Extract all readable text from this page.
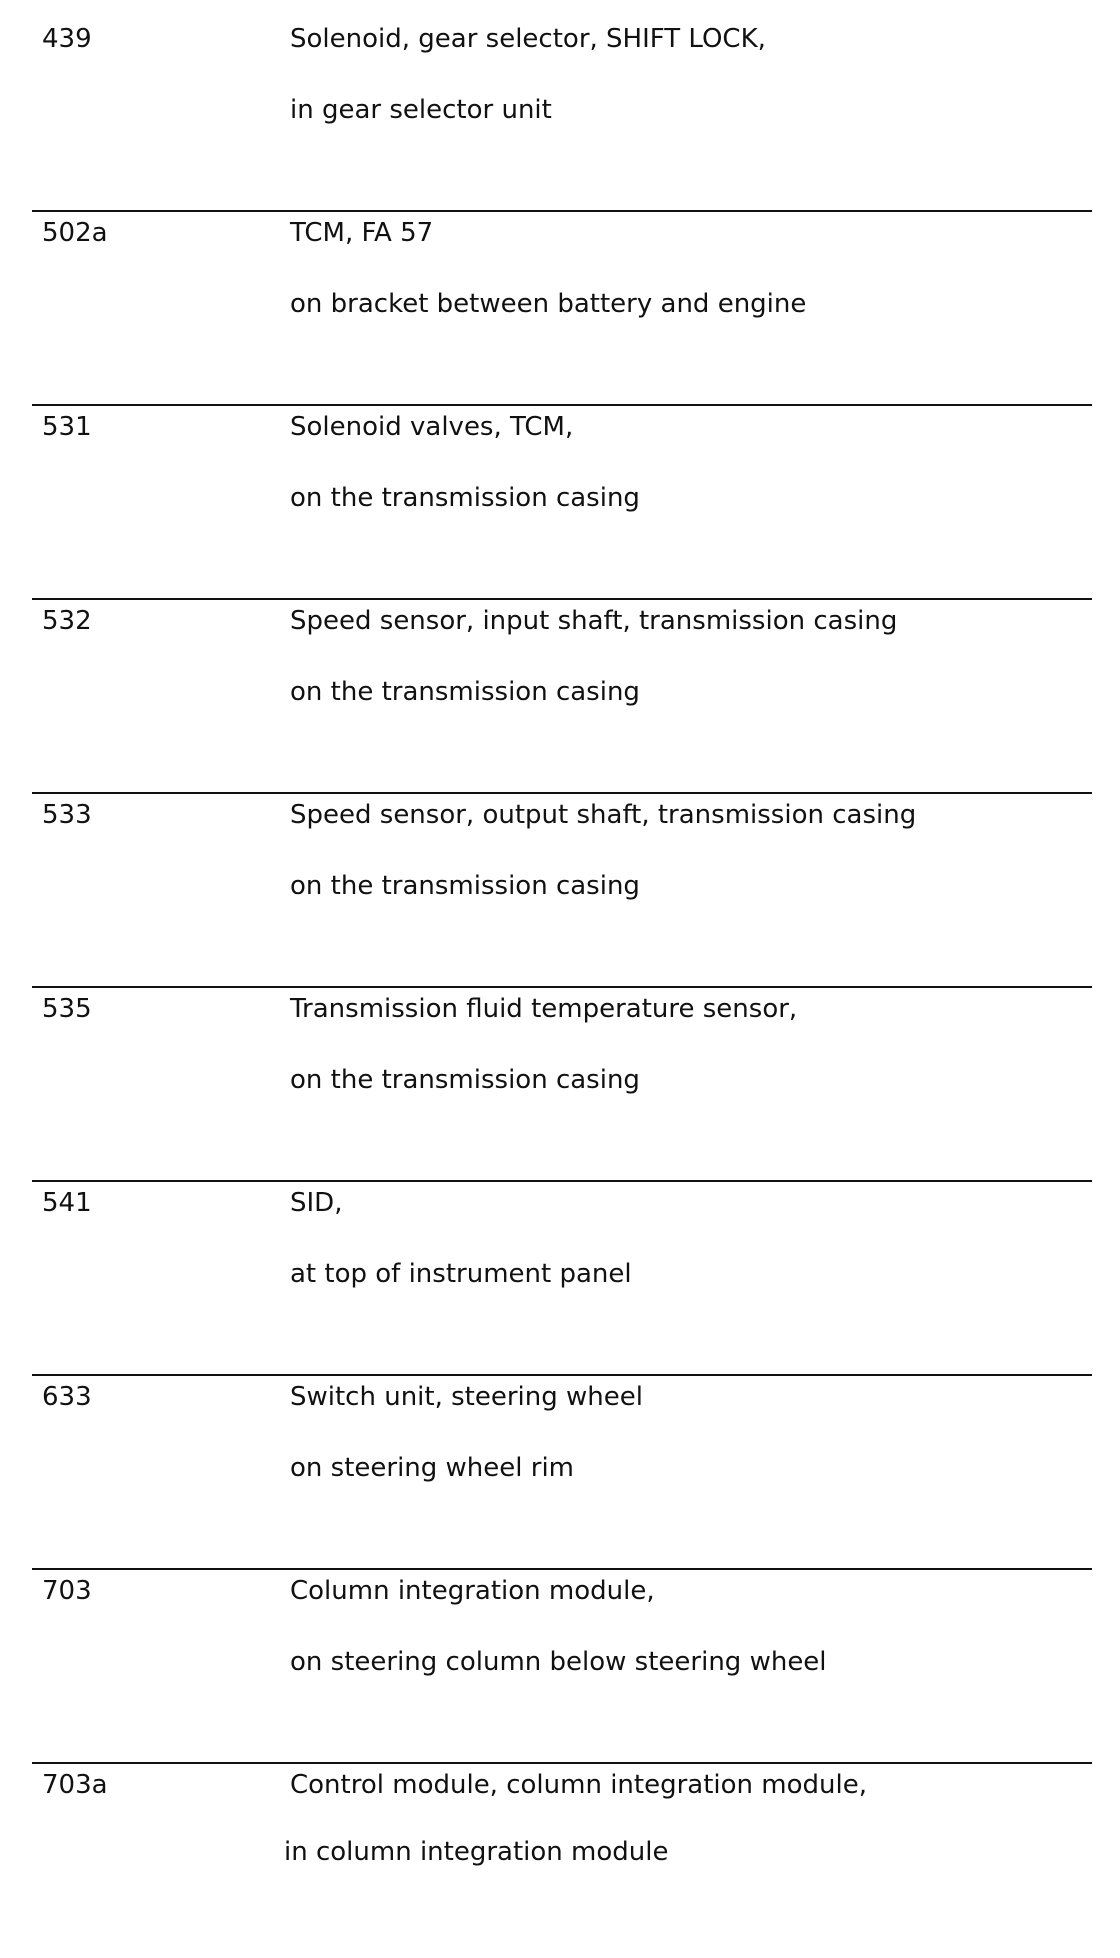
439	Solenoid, gear selector, SHIFT LOCK,
in gear selector unit
502a	TCM, FA 57
on bracket between battery and engine
531	Solenoid valves, TCM,
on the transmission casing
532	Speed sensor, input shaft, transmission casing
on the transmission casing
533	Speed sensor, output shaft, transmission casing
on the transmission casing
535	Transmission fluid temperature sensor,
on the transmission casing
541	SID,
at top of instrument panel
633	Switch unit, steering wheel
on steering wheel rim
703	Column integration module,
on steering column below steering wheel
703a	Control module, column integration module,
in column integration module
